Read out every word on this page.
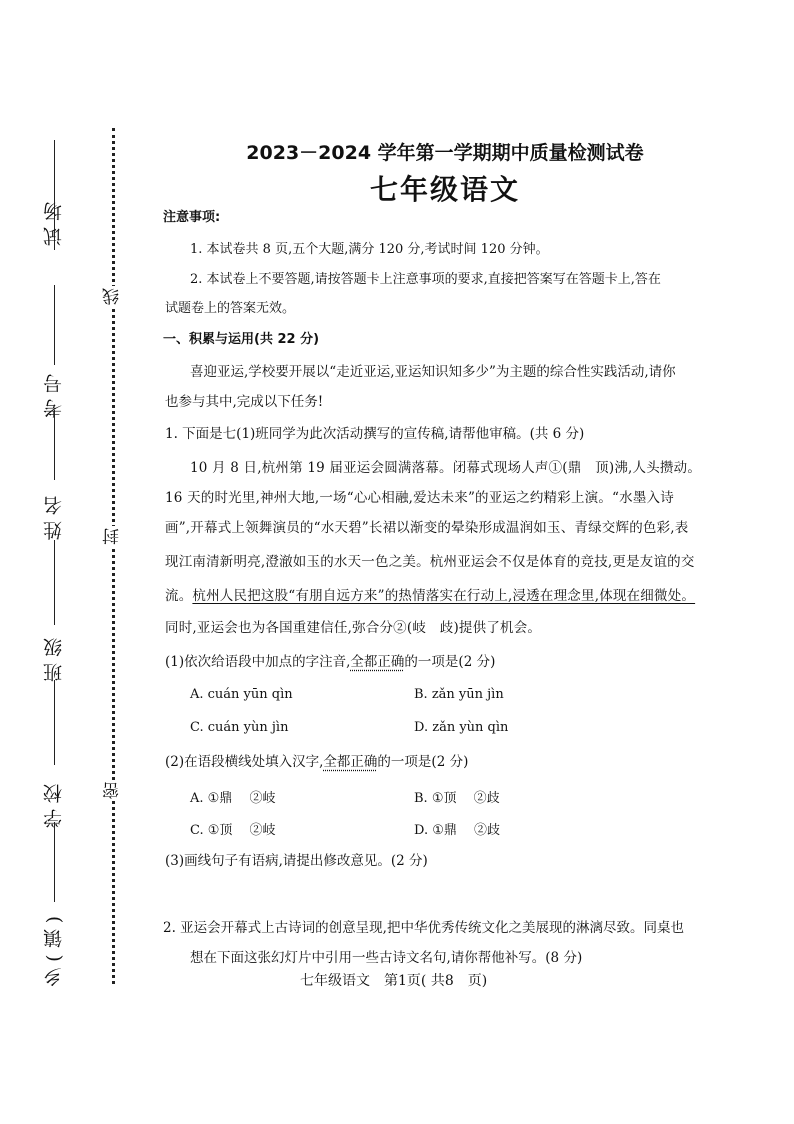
试场
考号
姓名
班级
学校
乡(镇)
线
封
密
2023－2024 学年第一学期期中质量检测试卷
七年级语文
注意事项:
1. 本试卷共 8 页,五个大题,满分 120 分,考试时间 120 分钟。
2. 本试卷上不要答题,请按答题卡上注意事项的要求,直接把答案写在答题卡上,答在
试题卷上的答案无效。
一、积累与运用(共 22 分)
喜迎亚运,学校要开展以“走近亚运,亚运知识知多少”为主题的综合性实践活动,请你
也参与其中,完成以下任务!
1. 下面是七(1)班同学为此次活动撰写的宣传稿,请帮他审稿。(共 6 分)
10 月 8 日,杭州第 19 届亚运会圆满落幕。闭幕式现场人声①(鼎　顶)沸,人头攒动。
16 天的时光里,神州大地,一场“心心相融,爱达未来”的亚运之约精彩上演。“水墨入诗
画”,开幕式上领舞演员的“水天碧”长裙以渐变的晕染形成温润如玉、青绿交辉的色彩,表
现江南清新明亮,澄澈如玉的水天一色之美。杭州亚运会不仅是体育的竞技,更是友谊的交
流。杭州人民把这股“有朋自远方来”的热情落实在行动上,浸透在理念里,体现在细微处。
同时,亚运会也为各国重建信任,弥合分②(岐　歧)提供了机会。
(1)依次给语段中加点的字注音,全都正确的一项是(2 分)
A. cuán yūn qìn	B. zǎn yūn jìn
C. cuán yùn jìn	D. zǎn yùn qìn
(2)在语段横线处填入汉字,全都正确的一项是(2 分)
A. ①鼎　 ②岐	B. ①顶　 ②歧
C. ①顶　 ②岐	D. ①鼎　 ②歧
(3)画线句子有语病,请提出修改意见。(2 分)
2. 亚运会开幕式上古诗词的创意呈现,把中华优秀传统文化之美展现的淋漓尽致。同桌也
想在下面这张幻灯片中引用一些古诗文名句,请你帮他补写。(8 分)
七年级语文　第1页( 共8　页)
